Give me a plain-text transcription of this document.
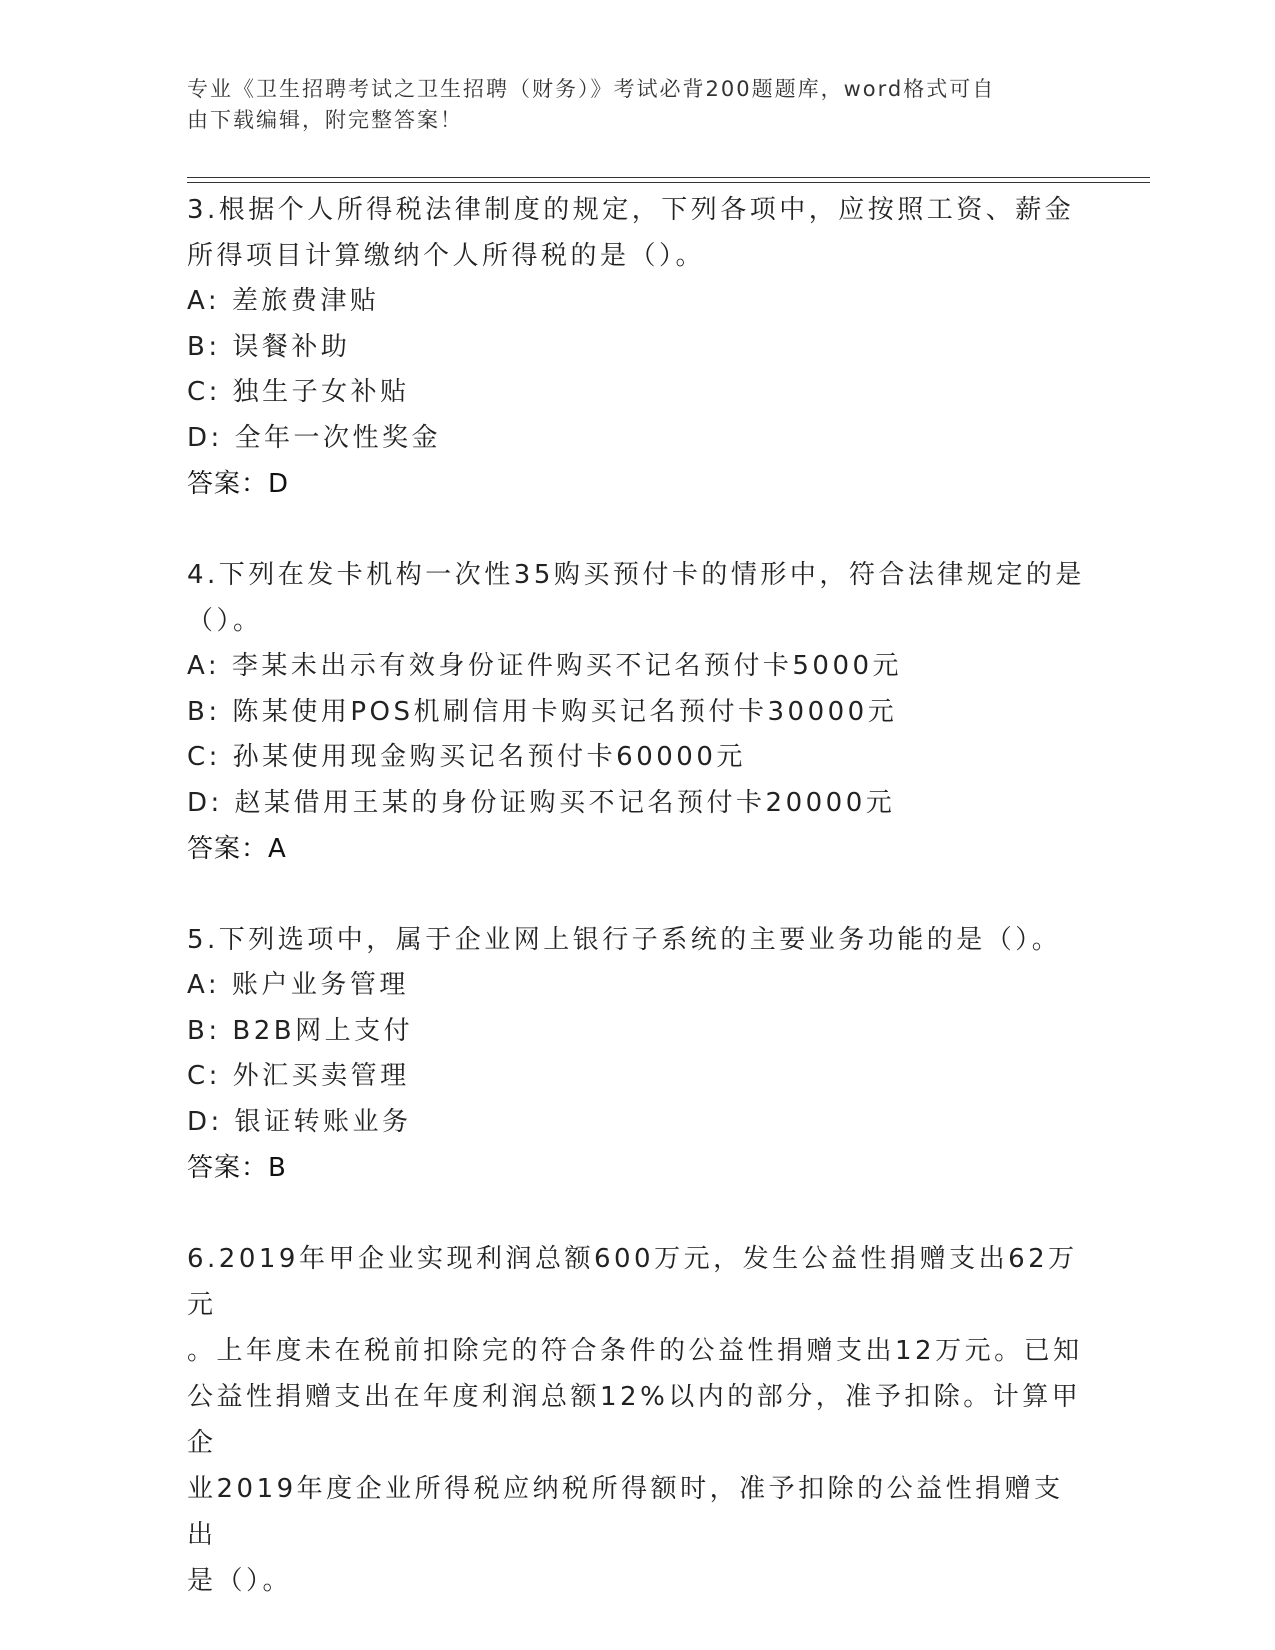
专业《卫生招聘考试之卫生招聘（财务）》考试必背200题题库，word格式可自
由下载编辑，附完整答案！
3.根据个人所得税法律制度的规定，下列各项中，应按照工资、薪金
所得项目计算缴纳个人所得税的是（）。
A: 差旅费津贴
B: 误餐补助
C: 独生子女补贴
D: 全年一次性奖金
答案：D
4.下列在发卡机构一次性35购买预付卡的情形中，符合法律规定的是
（）。
A: 李某未出示有效身份证件购买不记名预付卡5000元
B: 陈某使用POS机刷信用卡购买记名预付卡30000元
C: 孙某使用现金购买记名预付卡60000元
D: 赵某借用王某的身份证购买不记名预付卡20000元
答案：A
5.下列选项中，属于企业网上银行子系统的主要业务功能的是（）。
A: 账户业务管理
B: B2B网上支付
C: 外汇买卖管理
D: 银证转账业务
答案：B
6.2019年甲企业实现利润总额600万元，发生公益性捐赠支出62万元
。上年度未在税前扣除完的符合条件的公益性捐赠支出12万元。已知
公益性捐赠支出在年度利润总额12%以内的部分，准予扣除。计算甲企
业2019年度企业所得税应纳税所得额时，准予扣除的公益性捐赠支出
是（）。
